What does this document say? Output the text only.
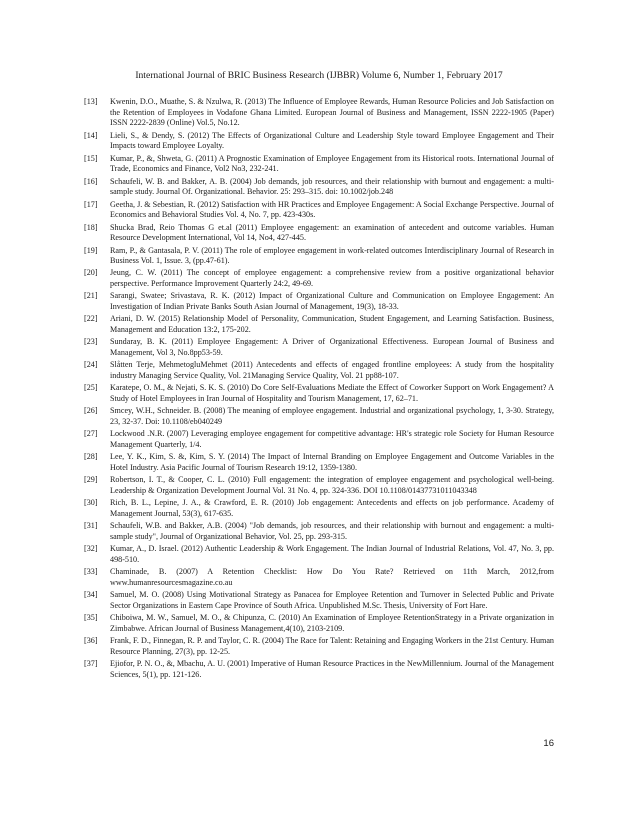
International Journal of BRIC Business Research (IJBBR) Volume 6, Number 1, February 2017
[13]	Kwenin, D.O., Muathe, S. & Nzulwa, R. (2013) The Influence of Employee Rewards, Human Resource Policies and Job Satisfaction on the Retention of Employees in Vodafone Ghana Limited. European Journal of Business and Management, ISSN 2222-1905 (Paper) ISSN 2222-2839 (Online) Vol.5, No.12.
[14]	Lieli, S., & Dendy, S. (2012) The Effects of Organizational Culture and Leadership Style toward Employee Engagement and Their Impacts toward Employee Loyalty.
[15]	Kumar, P., &, Shweta, G. (2011) A Prognostic Examination of Employee Engagement from its Historical roots. International Journal of Trade, Economics and Finance, Vol2 No3, 232-241.
[16]	Schaufeli, W. B. and Bakker, A. B. (2004) Job demands, job resources, and their relationship with burnout and engagement: a multi-sample study. Journal Of. Organizational. Behavior. 25: 293–315. doi: 10.1002/job.248
[17]	Geetha, J. & Sebestian, R. (2012) Satisfaction with HR Practices and Employee Engagement: A Social Exchange Perspective. Journal of Economics and Behavioral Studies Vol. 4, No. 7, pp. 423-430s.
[18]	Shucka Brad, Reio Thomas G et.al (2011) Employee engagement: an examination of antecedent and outcome variables. Human Resource Development International, Vol 14, No4, 427-445.
[19]	Ram, P., & Gantasala, P. V. (2011) The role of employee engagement in work-related outcomes Interdisciplinary Journal of Research in Business Vol. 1, Issue. 3, (pp.47-61).
[20]	Jeung, C. W. (2011) The concept of employee engagement: a comprehensive review from a positive organizational behavior perspective. Performance Improvement Quarterly 24:2, 49-69.
[21]	Sarangi, Swatee; Srivastava, R. K. (2012) Impact of Organizational Culture and Communication on Employee Engagement: An Investigation of Indian Private Banks South Asian Journal of Management, 19(3), 18-33.
[22]	Ariani, D. W. (2015) Relationship Model of Personality, Communication, Student Engagement, and Learning Satisfaction. Business, Management and Education 13:2, 175-202.
[23]	Sundaray, B. K. (2011) Employee Engagement: A Driver of Organizational Effectiveness. European Journal of Business and Management, Vol 3, No.8pp53-59.
[24]	Slåtten Terje, MehmetogluMehmet (2011) Antecedents and effects of engaged frontline employees: A study from the hospitality industry Managing Service Quality, Vol. 21Managing Service Quality, Vol. 21 pp88-107.
[25]	Karatepe, O. M., & Nejati, S. K. S. (2010) Do Core Self-Evaluations Mediate the Effect of Coworker Support on Work Engagement? A Study of Hotel Employees in Iran Journal of Hospitality and Tourism Management, 17, 62–71.
[26]	Smcey, W.H., Schneider. B. (2008) The meaning of employee engagement. Industrial and organizational psychology, 1, 3-30. Strategy, 23, 32-37. Doi: 10.1108/eb040249
[27]	Lockwood .N.R. (2007) Leveraging employee engagement for competitive advantage: HR's strategic role Society for Human Resource Management Quarterly, 1/4.
[28]	Lee, Y. K., Kim, S. &, Kim, S. Y. (2014) The Impact of Internal Branding on Employee Engagement and Outcome Variables in the Hotel Industry. Asia Pacific Journal of Tourism Research 19:12, 1359-1380.
[29]	Robertson, I. T., & Cooper, C. L. (2010) Full engagement: the integration of employee engagement and psychological well-being. Leadership & Organization Development Journal Vol. 31 No. 4, pp. 324-336. DOI 10.1108/01437731011043348
[30]	Rich, B. L., Lepine, J. A., & Crawford, E. R. (2010) Job engagement: Antecedents and effects on job performance. Academy of Management Journal, 53(3), 617-635.
[31]	Schaufeli, W.B. and Bakker, A.B. (2004) "Job demands, job resources, and their relationship with burnout and engagement: a multi-sample study", Journal of Organizational Behavior, Vol. 25, pp. 293-315.
[32]	Kumar, A., D. Israel. (2012) Authentic Leadership & Work Engagement. The Indian Journal of Industrial Relations, Vol. 47, No. 3, pp. 498-510.
[33]	Chaminade, B. (2007) A Retention Checklist: How Do You Rate? Retrieved on 11th March, 2012,from www.humanresourcesmagazine.co.au
[34]	Samuel, M. O. (2008) Using Motivational Strategy as Panacea for Employee Retention and Turnover in Selected Public and Private Sector Organizations in Eastern Cape Province of South Africa. Unpublished M.Sc. Thesis, University of Fort Hare.
[35]	Chiboiwa, M. W., Samuel, M. O., & Chipunza, C. (2010) An Examination of Employee RetentionStrategy in a Private organization in Zimbabwe. African Journal of Business Management,4(10), 2103-2109.
[36]	Frank, F. D., Finnegan, R. P. and Taylor, C. R. (2004) The Race for Talent: Retaining and Engaging Workers in the 21st Century. Human Resource Planning, 27(3), pp. 12-25.
[37]	Ejiofor, P. N. O., &, Mbachu, A. U. (2001) Imperative of Human Resource Practices in the NewMillennium. Journal of the Management Sciences, 5(1), pp. 121-126.
16
